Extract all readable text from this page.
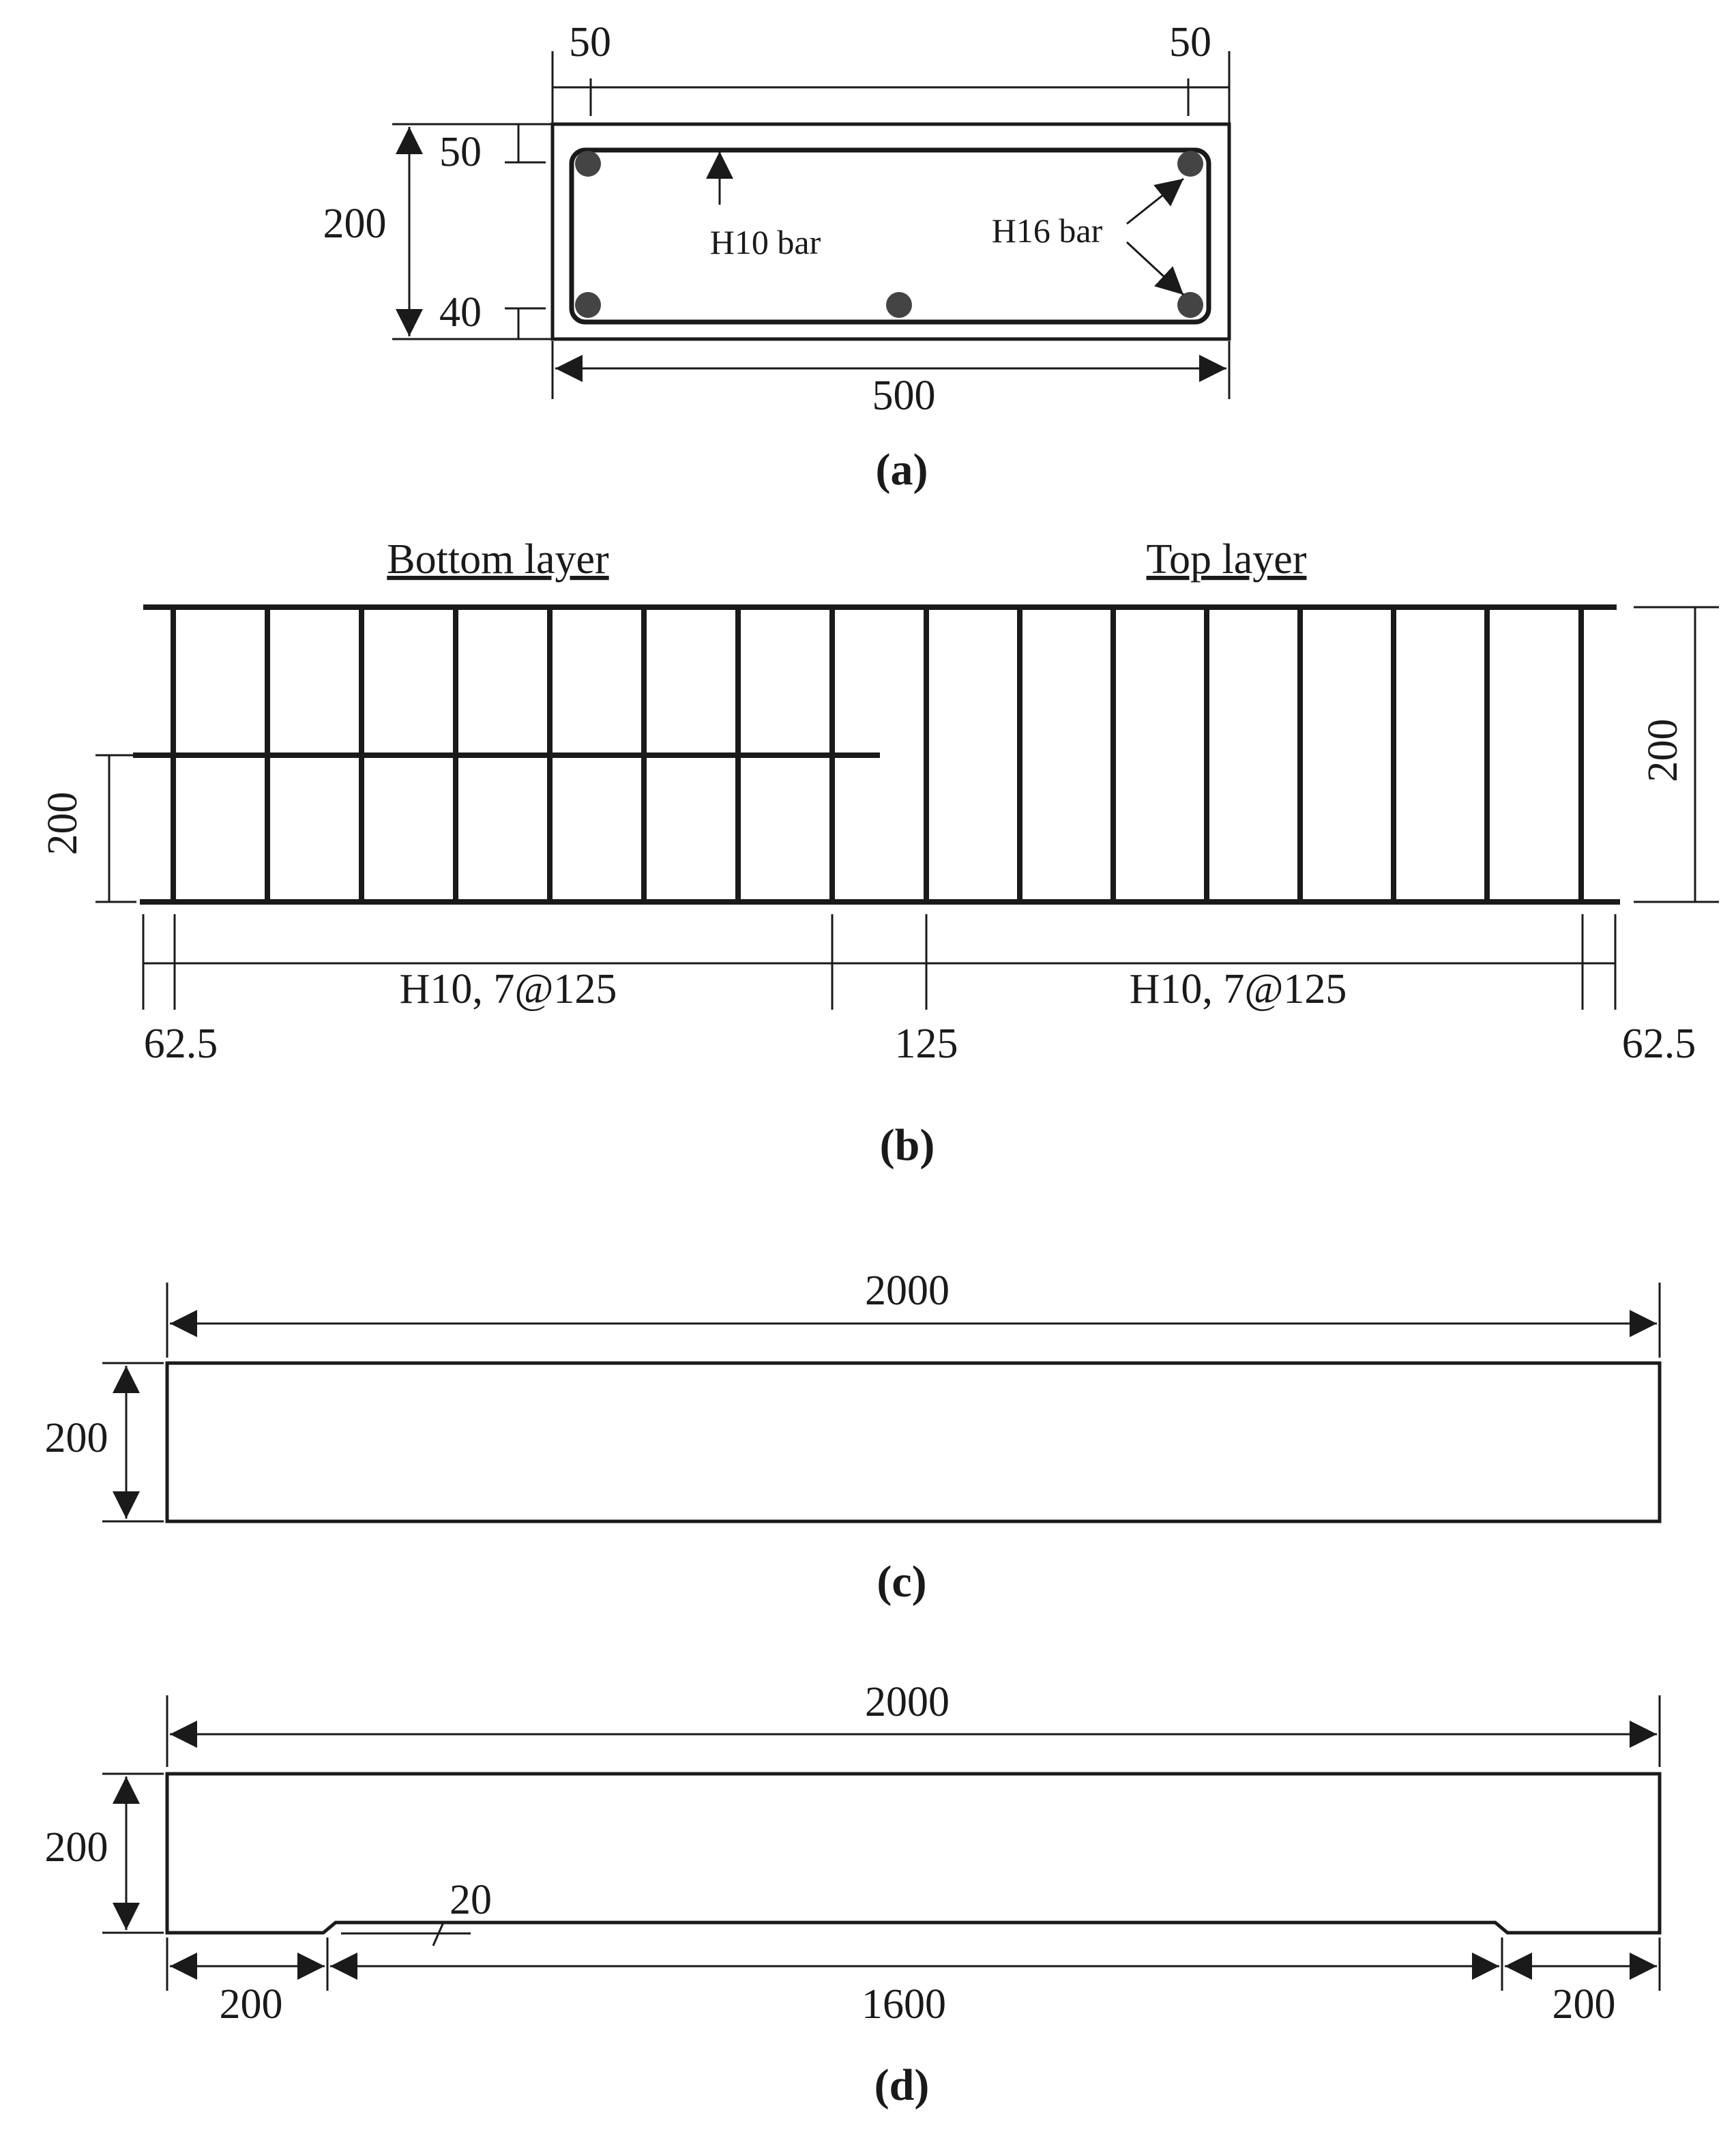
50	50
200
50
40
500
H10 bar	H16 bar
(a)
Bottom layer	Top layer
200
200
H10, 7@125	H10, 7@125
62.5	125	62.5
(b)
2000
200
(c)
2000
200
20
200	1600	200
(d)
